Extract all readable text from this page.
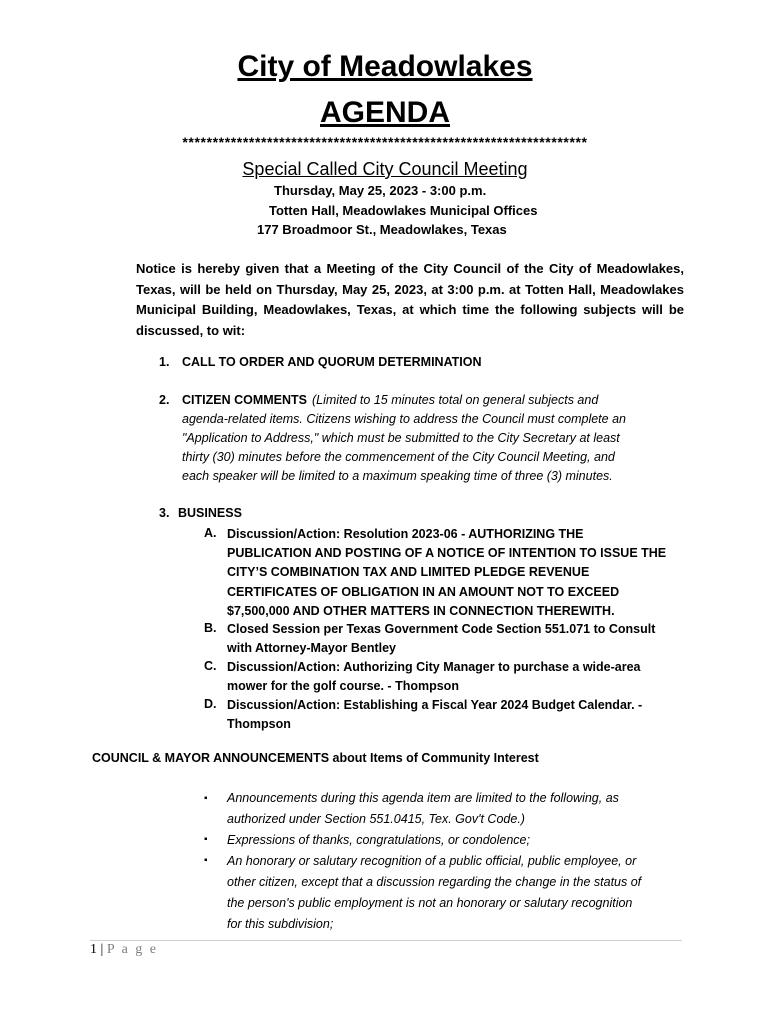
City of Meadowlakes
AGENDA
*******************************************************************
Special Called City Council Meeting
Thursday, May 25, 2023 - 3:00 p.m.
Totten Hall, Meadowlakes Municipal Offices
177 Broadmoor St., Meadowlakes, Texas
Notice is hereby given that a Meeting of the City Council of the City of Meadowlakes, Texas, will be held on Thursday, May 25, 2023, at 3:00 p.m. at Totten Hall, Meadowlakes Municipal Building, Meadowlakes, Texas, at which time the following subjects will be discussed, to wit:
1. CALL TO ORDER AND QUORUM DETERMINATION
2. CITIZEN COMMENTS (Limited to 15 minutes total on general subjects and
agenda-related items. Citizens wishing to address the Council must complete an
"Application to Address," which must be submitted to the City Secretary at least
thirty (30) minutes before the commencement of the City Council Meeting, and
each speaker will be limited to a maximum speaking time of three (3) minutes.
3. BUSINESS
A. Discussion/Action: Resolution 2023-06 - AUTHORIZING THE
PUBLICATION AND POSTING OF A NOTICE OF INTENTION TO ISSUE THE
CITY’S COMBINATION TAX AND LIMITED PLEDGE REVENUE
CERTIFICATES OF OBLIGATION IN AN AMOUNT NOT TO EXCEED
$7,500,000 AND OTHER MATTERS IN CONNECTION THEREWITH.
B. Closed Session per Texas Government Code Section 551.071 to Consult
with Attorney-Mayor Bentley
C. Discussion/Action: Authorizing City Manager to purchase a wide-area
mower for the golf course. - Thompson
D. Discussion/Action: Establishing a Fiscal Year 2024 Budget Calendar. -
Thompson
COUNCIL & MAYOR ANNOUNCEMENTS about Items of Community Interest
▪ Announcements during this agenda item are limited to the following, as
authorized under Section 551.0415, Tex. Gov't Code.)
▪ Expressions of thanks, congratulations, or condolence;
▪ An honorary or salutary recognition of a public official, public employee, or
other citizen, except that a discussion regarding the change in the status of
the person's public employment is not an honorary or salutary recognition
for this subdivision;
1 | P a g e
